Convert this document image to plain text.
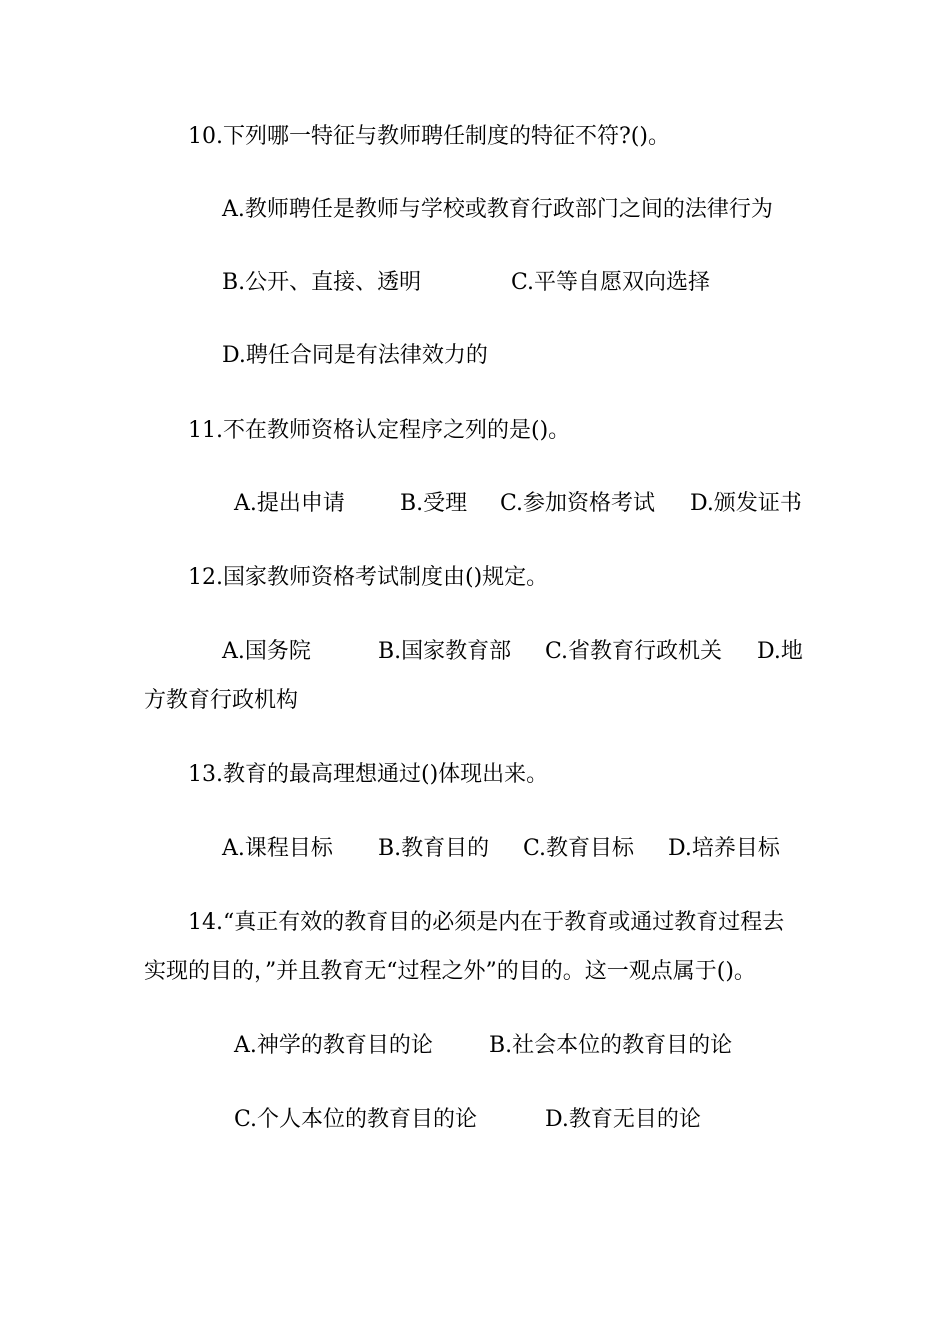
10.下列哪一特征与教师聘任制度的特征不符?()。
A.教师聘任是教师与学校或教育行政部门之间的法律行为
B.公开、直接、透明	C.平等自愿双向选择
D.聘任合同是有法律效力的
11.不在教师资格认定程序之列的是()。
A.提出申请	B.受理 C.参加资格考试 D.颁发证书
12.国家教师资格考试制度由()规定。
A.国务院	B.国家教育部 C.省教育行政机关 D.地
方教育行政机构
13.教育的最高理想通过()体现出来。
A.课程目标 B.教育目的 C.教育目标 D.培养目标
14.“真正有效的教育目的必须是内在于教育或通过教育过程去
实现的目的，”并且教育无“过程之外”的目的。这一观点属于()。
A.神学的教育目的论	B.社会本位的教育目的论
C.个人本位的教育目的论	D.教育无目的论
